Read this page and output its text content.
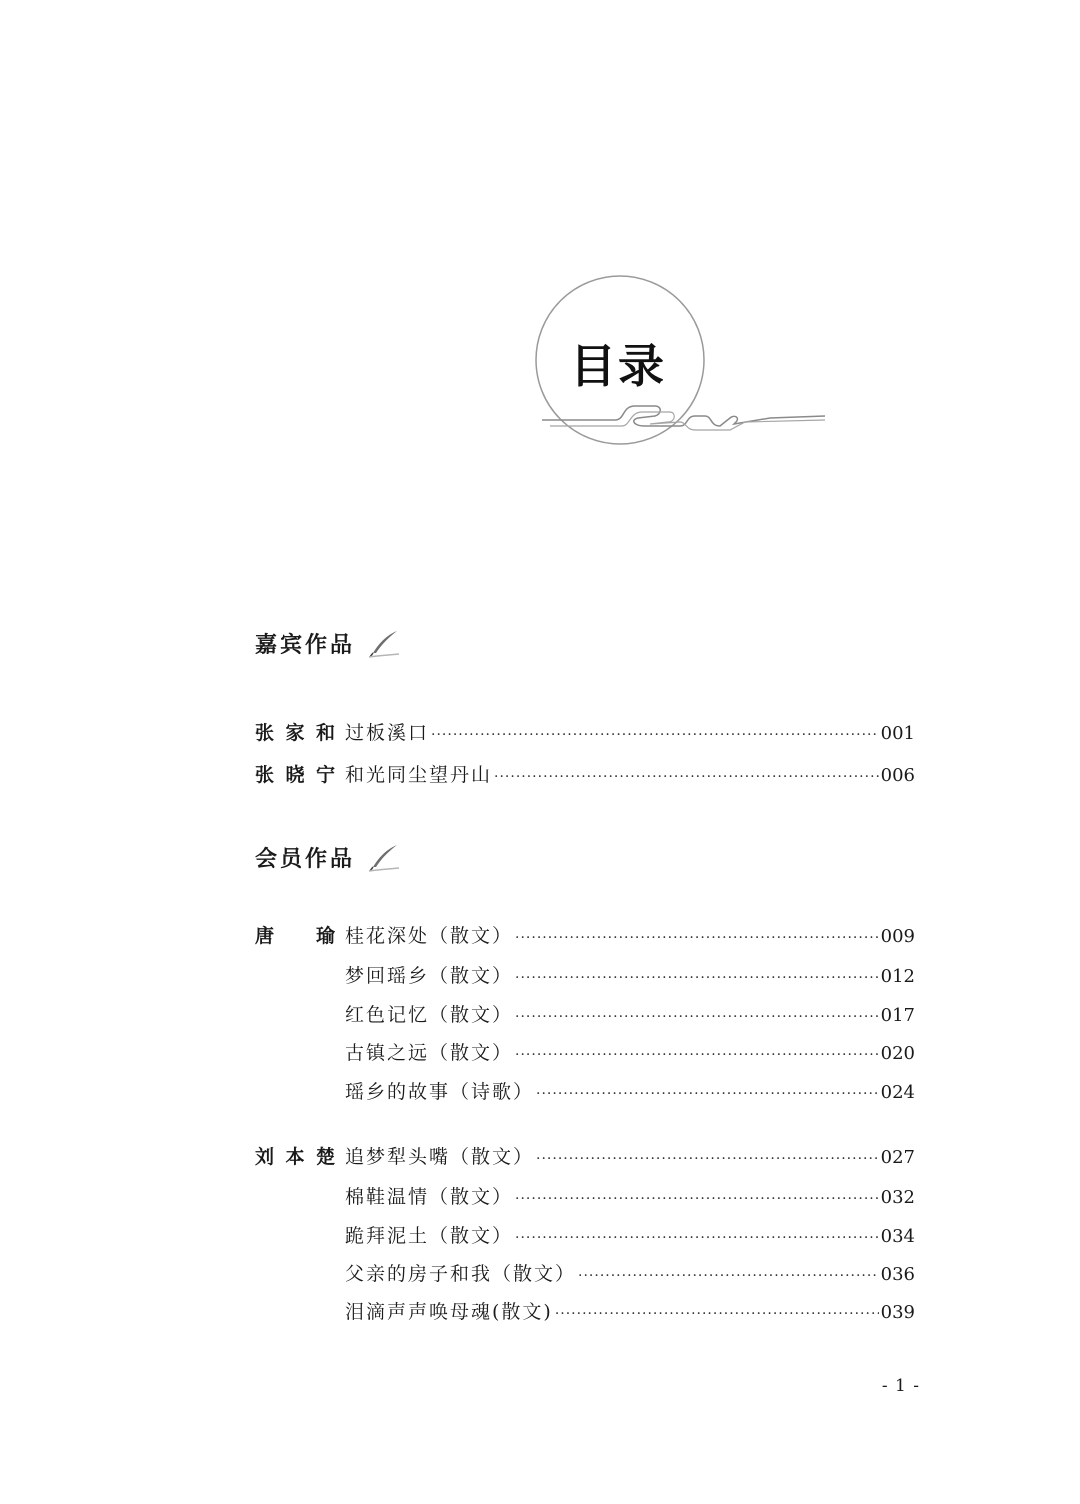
目录
嘉宾作品
张 家 和 过板溪口 ·····	001
张 晓 宁 和光同尘望丹山 ·····	006
会员作品
唐 瑜 桂花深处（散文） ·····	009
梦回瑶乡（散文） ·····	012
红色记忆（散文） ·····	017
古镇之远（散文） ·····	020
瑶乡的故事（诗歌） ·····	024
刘 本 楚 追梦犁头嘴（散文） ·····	027
棉鞋温情（散文） ·····	032
跪拜泥土（散文） ·····	034
父亲的房子和我（散文） ·····	036
泪滴声声唤母魂(散文) ·····	039
- 1 -
